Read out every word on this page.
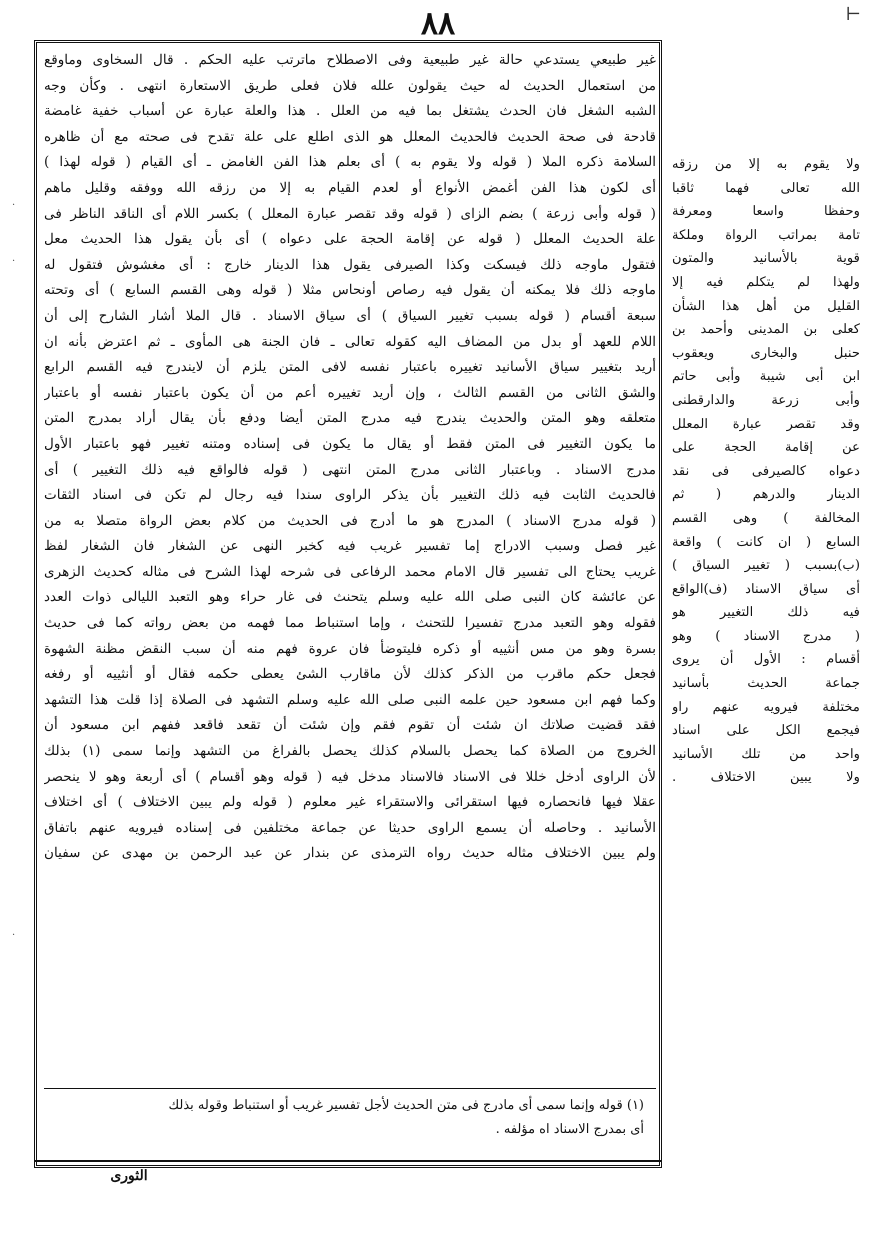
٨٨	⊢
غير طبيعي يستدعي حالة غير طبيعية وفى الاصطلاح ماترتب عليه الحكم . قال السخاوى وماوقع
من استعمال الحديث له حيث يقولون علله فلان فعلى طريق الاستعارة انتهى . وكأن وجه
الشبه الشغل فان الحدث يشتغل بما فيه من العلل . هذا والعلة عبارة عن أسباب خفية غامضة
قادحة فى صحة الحديث فالحديث المعلل هو الذى اطلع على علة تقدح فى صحته مع أن ظاهره
السلامة ذكره الملا ( قوله ولا يقوم به ) أى بعلم هذا الفن الغامض ـ أى القيام ( قوله لهذا )
أى لكون هذا الفن أغمض الأنواع أو لعدم القيام به إلا من رزقه الله ووفقه وقليل ماهم
( قوله وأبى زرعة ) بضم الزاى ( قوله وقد تقصر عبارة المعلل ) بكسر اللام أى الناقد الناظر فى
علة الحديث المعلل ( قوله عن إقامة الحجة على دعواه ) أى بأن يقول هذا الحديث معل
فتقول ماوجه ذلك فيسكت وكذا الصيرفى يقول هذا الدينار خارج : أى مغشوش فتقول له
ماوجه ذلك فلا يمكنه أن يقول فيه رصاص أونحاس مثلا ( قوله وهى القسم السابع ) أى وتحته
سبعة أقسام ( قوله بسبب تغيير السياق ) أى سياق الاسناد . قال الملا أشار الشارح إلى أن
اللام للعهد أو بدل من المضاف اليه كقوله تعالى ـ فان الجنة هى المأوى ـ ثم اعترض بأنه ان
أريد بتغيير سياق الأسانيد تغييره باعتبار نفسه لافى المتن يلزم أن لايندرج فيه القسم الرابع
والشق الثانى من القسم الثالث ، وإن أريد تغييره أعم من أن يكون باعتبار نفسه أو باعتبار
متعلقه وهو المتن والحديث يندرج فيه مدرج المتن أيضا ودفع بأن يقال أراد بمدرج المتن
ما يكون التغيير فى المتن فقط أو يقال ما يكون فى إسناده ومتنه تغيير فهو باعتبار الأول
مدرج الاسناد . وباعتبار الثانى مدرج المتن انتهى ( قوله فالواقع فيه ذلك التغيير ) أى
فالحديث الثابت فيه ذلك التغيير بأن يذكر الراوى سندا فيه رجال لم تكن فى اسناد الثقات
( قوله مدرج الاسناد ) المدرج هو ما أدرج فى الحديث من كلام بعض الرواة متصلا به من
غير فصل وسبب الادراج إما تفسير غريب فيه كخبر النهى عن الشغار فان الشغار لفظ
غريب يحتاج الى تفسير قال الامام محمد الرفاعى فى شرحه لهذا الشرح فى مثاله كحديث الزهرى
عن عائشة كان النبى صلى الله عليه وسلم يتحنث فى غار حراء وهو التعبد الليالى ذوات العدد
فقوله وهو التعبد مدرج تفسيرا للتحنث ، وإما استنباط مما فهمه من بعض رواته كما فى حديث
بسرة وهو من مس أنثييه أو ذكره فليتوضأ فان عروة فهم منه أن سبب النقض مظنة الشهوة
فجعل حكم ماقرب من الذكر كذلك لأن ماقارب الشئ يعطى حكمه فقال أو أنثييه أو رفغه
وكما فهم ابن مسعود حين علمه النبى صلى الله عليه وسلم التشهد فى الصلاة إذا قلت هذا التشهد
فقد قضيت صلاتك ان شئت أن تقوم فقم وإن شئت أن تقعد فاقعد ففهم ابن مسعود أن
الخروج من الصلاة كما يحصل بالسلام كذلك يحصل بالفراغ من التشهد وإنما سمى (١) بذلك
لأن الراوى أدخل خللا فى الاسناد فالاسناد مدخل فيه ( قوله وهو أقسام ) أى أربعة وهو لا ينحصر
عقلا فيها فانحصاره فيها استقرائى والاستقراء غير معلوم ( قوله ولم يبين الاختلاف ) أى اختلاف
الأسانيد . وحاصله أن يسمع الراوى حديثا عن جماعة مختلفين فى إسناده فيرويه عنهم باتفاق
ولم يبين الاختلاف مثاله حديث رواه الترمذى عن بندار عن عبد الرحمن بن مهدى عن سفيان
(١) قوله وإنما سمى أى مادرج فى متن الحديث لأجل تفسير غريب أو استنباط وقوله بذلك
أى بمدرج الاسناد اه مؤلفه .
الثورى
ولا يقوم به إلا من رزقه
الله تعالى فهما ثاقبا
وحفظا واسعا ومعرفة
تامة بمراتب الرواة وملكة
قوية بالأسانيد والمتون
ولهذا لم يتكلم فيه إلا
القليل من أهل هذا الشأن
كعلى بن المدينى وأحمد بن
حنبل والبخارى ويعقوب
ابن أبى شيبة وأبى حاتم
وأبى زرعة والدارقطنى
وقد تقصر عبارة المعلل
عن إقامة الحجة على
دعواه كالصيرفى فى نقد
الدينار والدرهم ( ثم
المخالفة ) وهى القسم
السابع ( ان كانت ) واقعة
(ب)بسبب ( تغيير السياق )
أى سياق الاسناد (ف)الواقع
فيه ذلك التغيير هو
( مدرج الاسناد ) وهو
أقسام : الأول أن يروى
جماعة الحديث بأسانيد
مختلفة فيرويه عنهم راو
فيجمع الكل على اسناد
واحد من تلك الأسانيد
ولا يبين الاختلاف .
·
·
·
